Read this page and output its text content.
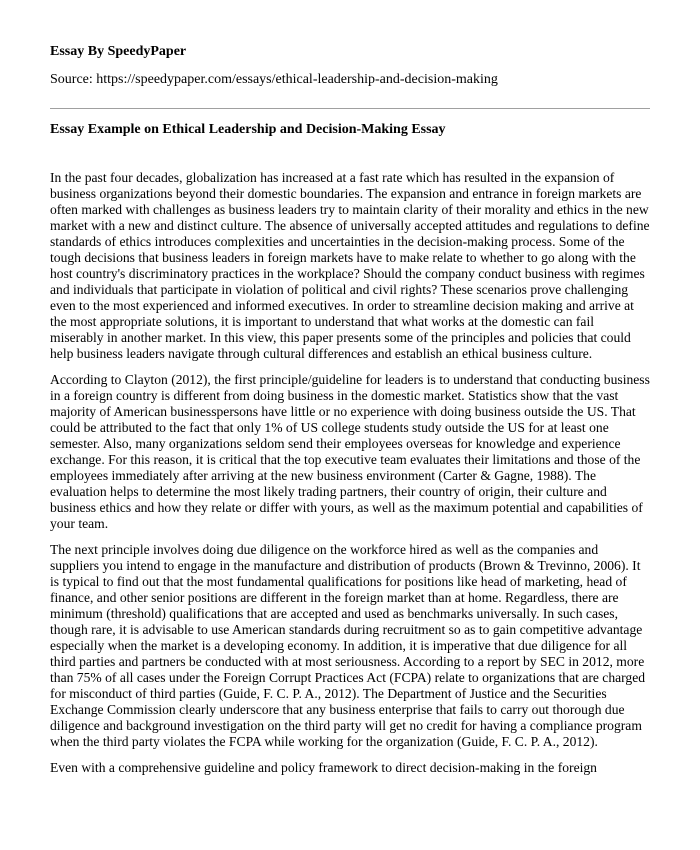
Essay By SpeedyPaper
Source: https://speedypaper.com/essays/ethical-leadership-and-decision-making
Essay Example on Ethical Leadership and Decision-Making Essay

In the past four decades, globalization has increased at a fast rate which has resulted in the expansion of business organizations beyond their domestic boundaries. The expansion and entrance in foreign markets are often marked with challenges as business leaders try to maintain clarity of their morality and ethics in the new market with a new and distinct culture. The absence of universally accepted attitudes and regulations to define standards of ethics introduces complexities and uncertainties in the decision-making process. Some of the tough decisions that business leaders in foreign markets have to make relate to whether to go along with the host country's discriminatory practices in the workplace? Should the company conduct business with regimes and individuals that participate in violation of political and civil rights? These scenarios prove challenging even to the most experienced and informed executives. In order to streamline decision making and arrive at the most appropriate solutions, it is important to understand that what works at the domestic can fail miserably in another market. In this view, this paper presents some of the principles and policies that could help business leaders navigate through cultural differences and establish an ethical business culture.

According to Clayton (2012), the first principle/guideline for leaders is to understand that conducting business in a foreign country is different from doing business in the domestic market. Statistics show that the vast majority of American businesspersons have little or no experience with doing business outside the US. That could be attributed to the fact that only 1% of US college students study outside the US for at least one semester. Also, many organizations seldom send their employees overseas for knowledge and experience exchange. For this reason, it is critical that the top executive team evaluates their limitations and those of the employees immediately after arriving at the new business environment (Carter & Gagne, 1988). The evaluation helps to determine the most likely trading partners, their country of origin, their culture and business ethics and how they relate or differ with yours, as well as the maximum potential and capabilities of your team.

The next principle involves doing due diligence on the workforce hired as well as the companies and suppliers you intend to engage in the manufacture and distribution of products (Brown & Trevinno, 2006). It is typical to find out that the most fundamental qualifications for positions like head of marketing, head of finance, and other senior positions are different in the foreign market than at home. Regardless, there are minimum (threshold) qualifications that are accepted and used as benchmarks universally. In such cases, though rare, it is advisable to use American standards during recruitment so as to gain competitive advantage especially when the market is a developing economy. In addition, it is imperative that due diligence for all third parties and partners be conducted with at most seriousness. According to a report by SEC in 2012, more than 75% of all cases under the Foreign Corrupt Practices Act (FCPA) relate to organizations that are charged for misconduct of third parties (Guide, F. C. P. A., 2012). The Department of Justice and the Securities Exchange Commission clearly underscore that any business enterprise that fails to carry out thorough due diligence and background investigation on the third party will get no credit for having a compliance program when the third party violates the FCPA while working for the organization (Guide, F. C. P. A., 2012).

Even with a comprehensive guideline and policy framework to direct decision-making in the foreign
